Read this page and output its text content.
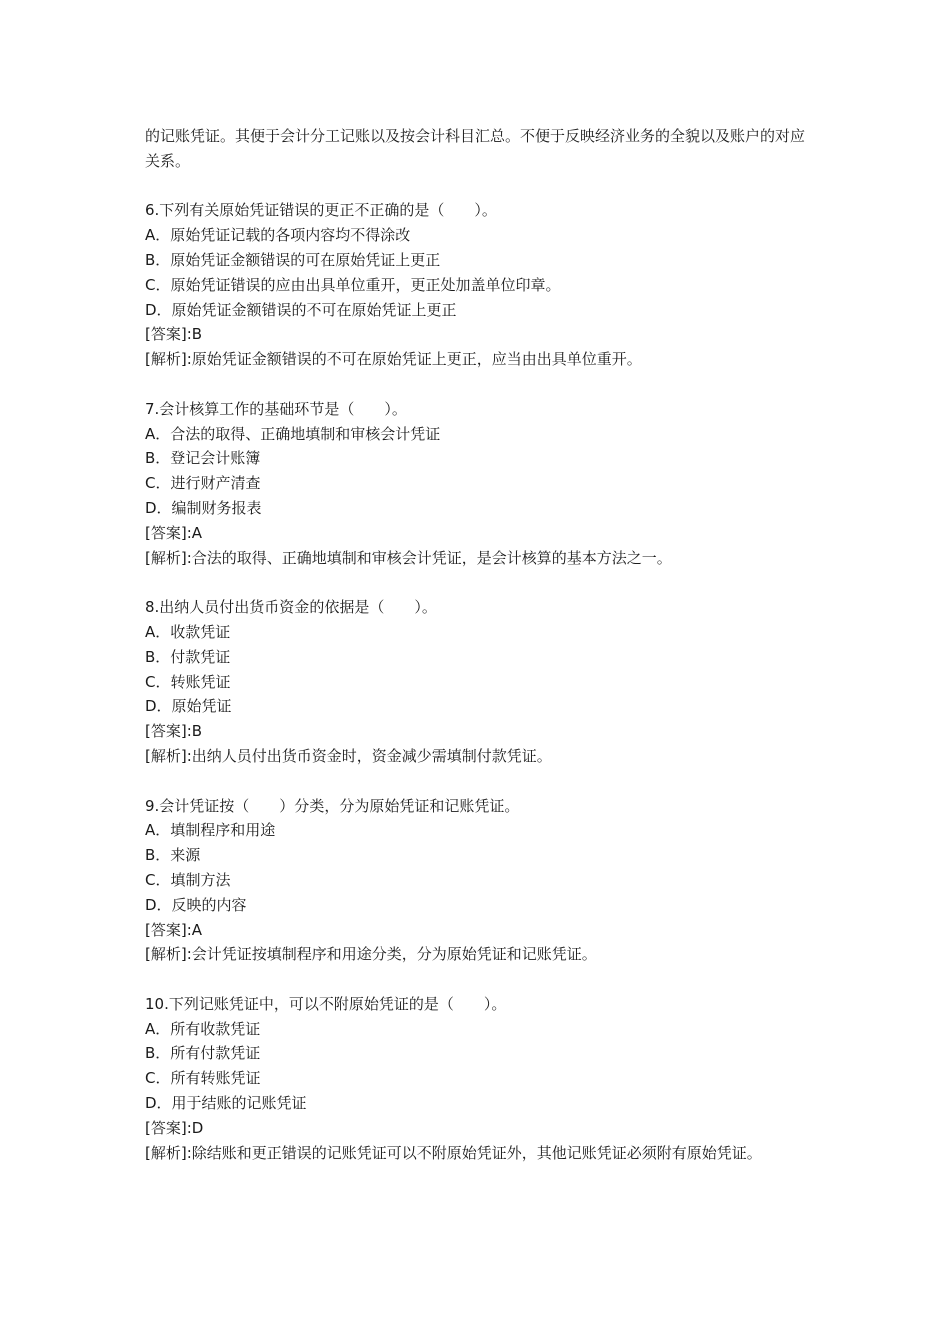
的记账凭证。其便于会计分工记账以及按会计科目汇总。不便于反映经济业务的全貌以及账户的对应关系。

6.下列有关原始凭证错误的更正不正确的是（　　）。
A．原始凭证记载的各项内容均不得涂改
B．原始凭证金额错误的可在原始凭证上更正
C．原始凭证错误的应由出具单位重开，更正处加盖单位印章。
D．原始凭证金额错误的不可在原始凭证上更正
[答案]:B
[解析]:原始凭证金额错误的不可在原始凭证上更正，应当由出具单位重开。
7.会计核算工作的基础环节是（　　）。
A．合法的取得、正确地填制和审核会计凭证
B．登记会计账簿
C．进行财产清查
D．编制财务报表
[答案]:A
[解析]:合法的取得、正确地填制和审核会计凭证，是会计核算的基本方法之一。
8.出纳人员付出货币资金的依据是（　　）。
A．收款凭证
B．付款凭证
C．转账凭证
D．原始凭证
[答案]:B
[解析]:出纳人员付出货币资金时，资金减少需填制付款凭证。
9.会计凭证按（　　）分类，分为原始凭证和记账凭证。
A．填制程序和用途
B．来源
C．填制方法
D．反映的内容
[答案]:A
[解析]:会计凭证按填制程序和用途分类，分为原始凭证和记账凭证。
10.下列记账凭证中，可以不附原始凭证的是（　　）。
A．所有收款凭证
B．所有付款凭证
C．所有转账凭证
D．用于结账的记账凭证
[答案]:D
[解析]:除结账和更正错误的记账凭证可以不附原始凭证外，其他记账凭证必须附有原始凭证。
